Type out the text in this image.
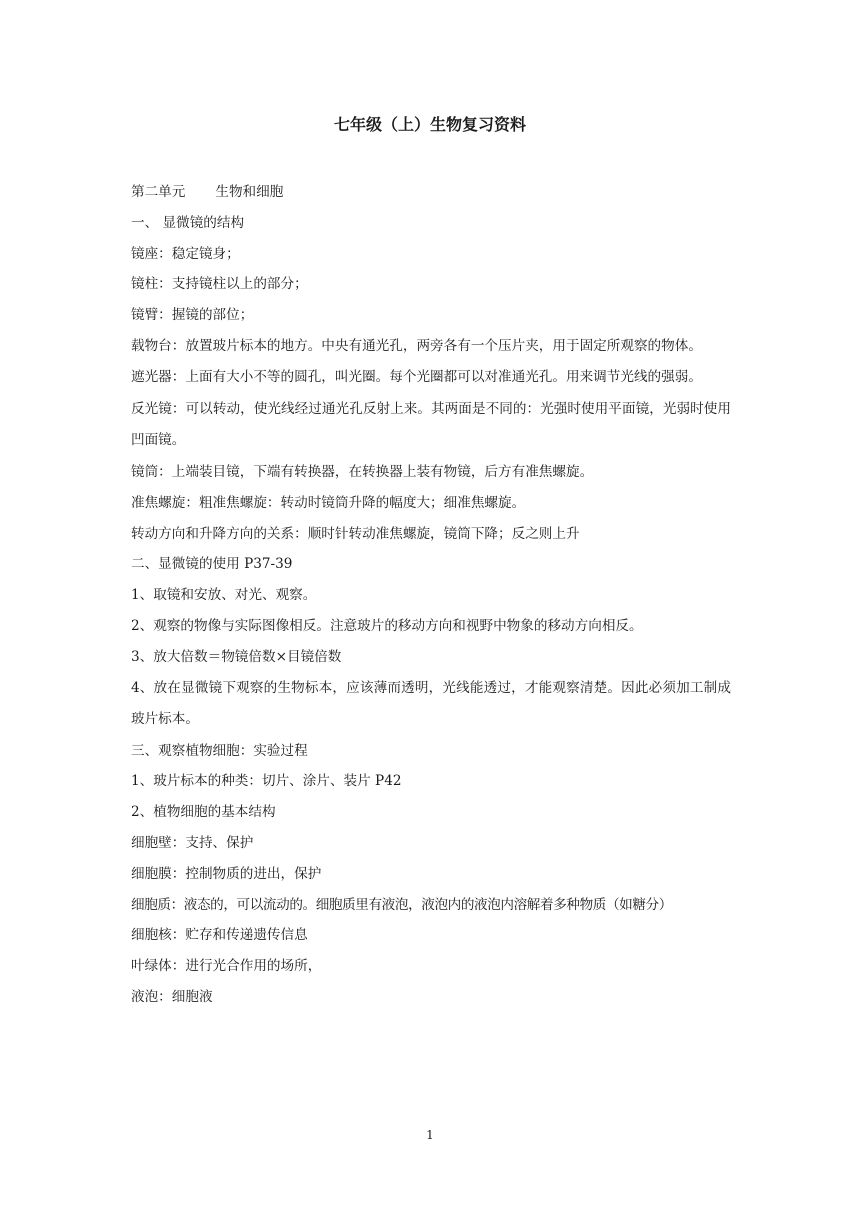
七年级（上）生物复习资料

第二单元 生物和细胞

一、 显微镜的结构

镜座：稳定镜身；

镜柱：支持镜柱以上的部分；

镜臂：握镜的部位；

载物台：放置玻片标本的地方。中央有通光孔，两旁各有一个压片夹，用于固定所观察的物体。

遮光器：上面有大小不等的圆孔，叫光圈。每个光圈都可以对准通光孔。用来调节光线的强弱。

反光镜：可以转动，使光线经过通光孔反射上来。其两面是不同的：光强时使用平面镜，光弱时使用凹面镜。

镜筒：上端装目镜，下端有转换器，在转换器上装有物镜，后方有准焦螺旋。

准焦螺旋：粗准焦螺旋：转动时镜筒升降的幅度大；细准焦螺旋。

转动方向和升降方向的关系：顺时针转动准焦螺旋，镜筒下降；反之则上升

二、显微镜的使用 P37-39

1、取镜和安放、对光、观察。

2、观察的物像与实际图像相反。注意玻片的移动方向和视野中物象的移动方向相反。

3、放大倍数＝物镜倍数×目镜倍数

4、放在显微镜下观察的生物标本，应该薄而透明，光线能透过，才能观察清楚。因此必须加工制成玻片标本。

三、观察植物细胞：实验过程

1、玻片标本的种类：切片、涂片、装片 P42

2、植物细胞的基本结构

细胞壁：支持、保护

细胞膜：控制物质的进出，保护

细胞质：液态的，可以流动的。细胞质里有液泡，液泡内的液泡内溶解着多种物质（如糖分）

细胞核：贮存和传递遗传信息

叶绿体：进行光合作用的场所，

液泡：细胞液

1
